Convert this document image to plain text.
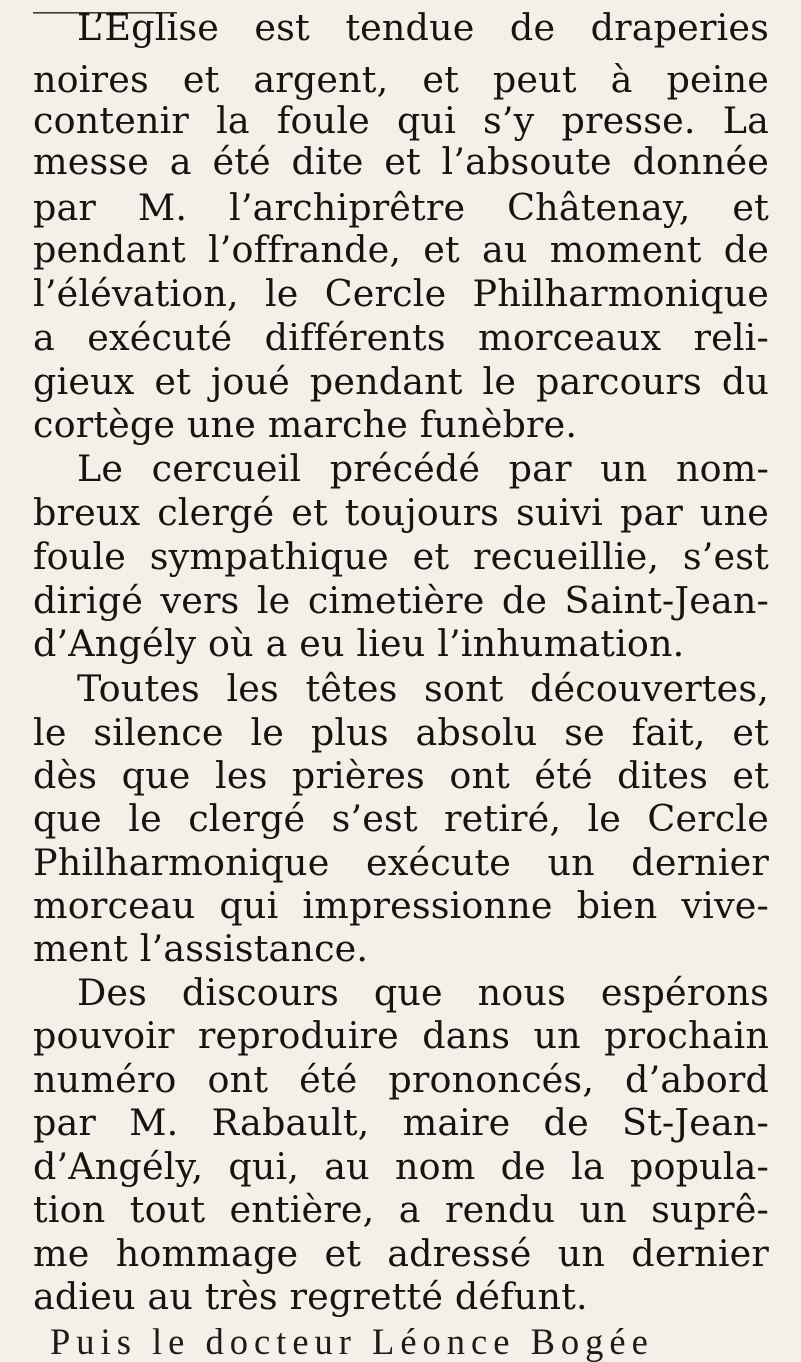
L’Eglise est tendue de draperies
noires et argent, et peut à peine
contenir la foule qui s’y presse. La
messe a été dite et l’absoute donnée
par M. l’archiprêtre Châtenay, et
pendant l’offrande, et au moment de
l’élévation, le Cercle Philharmonique
a exécuté différents morceaux reli-
gieux et joué pendant le parcours du
cortège une marche funèbre.
Le cercueil précédé par un nom-
breux clergé et toujours suivi par une
foule sympathique et recueillie, s’est
dirigé vers le cimetière de Saint-Jean-
d’Angély où a eu lieu l’inhumation.
Toutes les têtes sont découvertes,
le silence le plus absolu se fait, et
dès que les prières ont été dites et
que le clergé s’est retiré, le Cercle
Philharmonique exécute un dernier
morceau qui impressionne bien vive-
ment l’assistance.
Des discours que nous espérons
pouvoir reproduire dans un prochain
numéro ont été prononcés, d’abord
par M. Rabault, maire de St-Jean-
d’Angély, qui, au nom de la popula-
tion tout entière, a rendu un suprê-
me hommage et adressé un dernier
adieu au très regretté défunt.
Puis le docteur Léonce Bogée
